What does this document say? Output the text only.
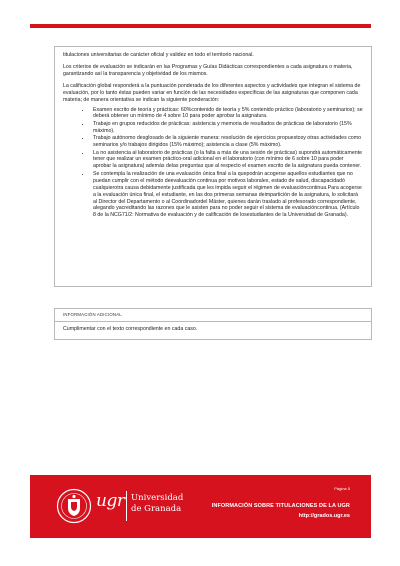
titulaciones universitarias de carácter oficial y validez en todo el territorio nacional.

Los criterios de evaluación se indicarán en las Programas y Guías Didácticas correspondientes a cada asignatura o materia, garantizando así la transparencia y objetividad de los mismos.

La calificación global responderá a la puntuación ponderada de los diferentes aspectos y actividades que integran el sistema de evaluación, por lo tanto éstas pueden variar en función de las necesidades específicas de las asignaturas que componen cada materia; de manera orientativa se indican la siguiente ponderación:

• Examen escrito de teoría y prácticas: 60%contenido de teoría y 5% contenido práctico (laboratorio y seminarios); se deberá obtener un mínimo de 4 sobre 10 para poder aprobar la asignatura.
• Trabajo en grupos reducidos de prácticas: asistencia y memoria de resultados de prácticas de laboratorio (15% máximo).
• Trabajo autónomo desglosado de la siguiente manera: resolución de ejercicios propuestosy otras actividades como seminarios y/o trabajos dirigidos (15% máximo); asistencia a clase (5% máximo).
• La no asistencia al laboratorio de prácticas (o la falta a más de una sesión de prácticas) supondrá automáticamente tener que realizar un examen práctico-oral adicional en el laboratorio (con mínimo de 6 sobre 10 para poder aprobar la asignatura) además delas preguntas que al respecto el examen escrito de la asignatura pueda contener.
• Se contempla la realización de una evaluación única final a la quepodrán acogerse aquellos estudiantes que no puedan cumplir con el método deevaluación continua por motivos laborales, estado de salud, discapacidadó cualquierotra causa debidamente justificada que les impida seguir el régimen de evaluacióncontinua.Para acogerse a la evaluación única final, el estudiante, en las dos primeras semanas deimpartición de la asignatura, lo solicitará al Director del Departamento o al Coordinadordel Máster, quienes darán traslado al profesorado correspondiente, alegando yacreditando las razones que le asisten para no poder seguir el sistema de evaluacióncontinua. (Artículo 8 de la NCG71/2: Normativa de evaluación y de calificación de losestudiantes de la Universidad de Granada).
INFORMACIÓN ADICIONAL
Cumplimentar con el texto correspondiente en cada caso.
ugr Universidad
de Granada
Página 5
INFORMACIÓN SOBRE TITULACIONES DE LA UGR
http://grados.ugr.es
